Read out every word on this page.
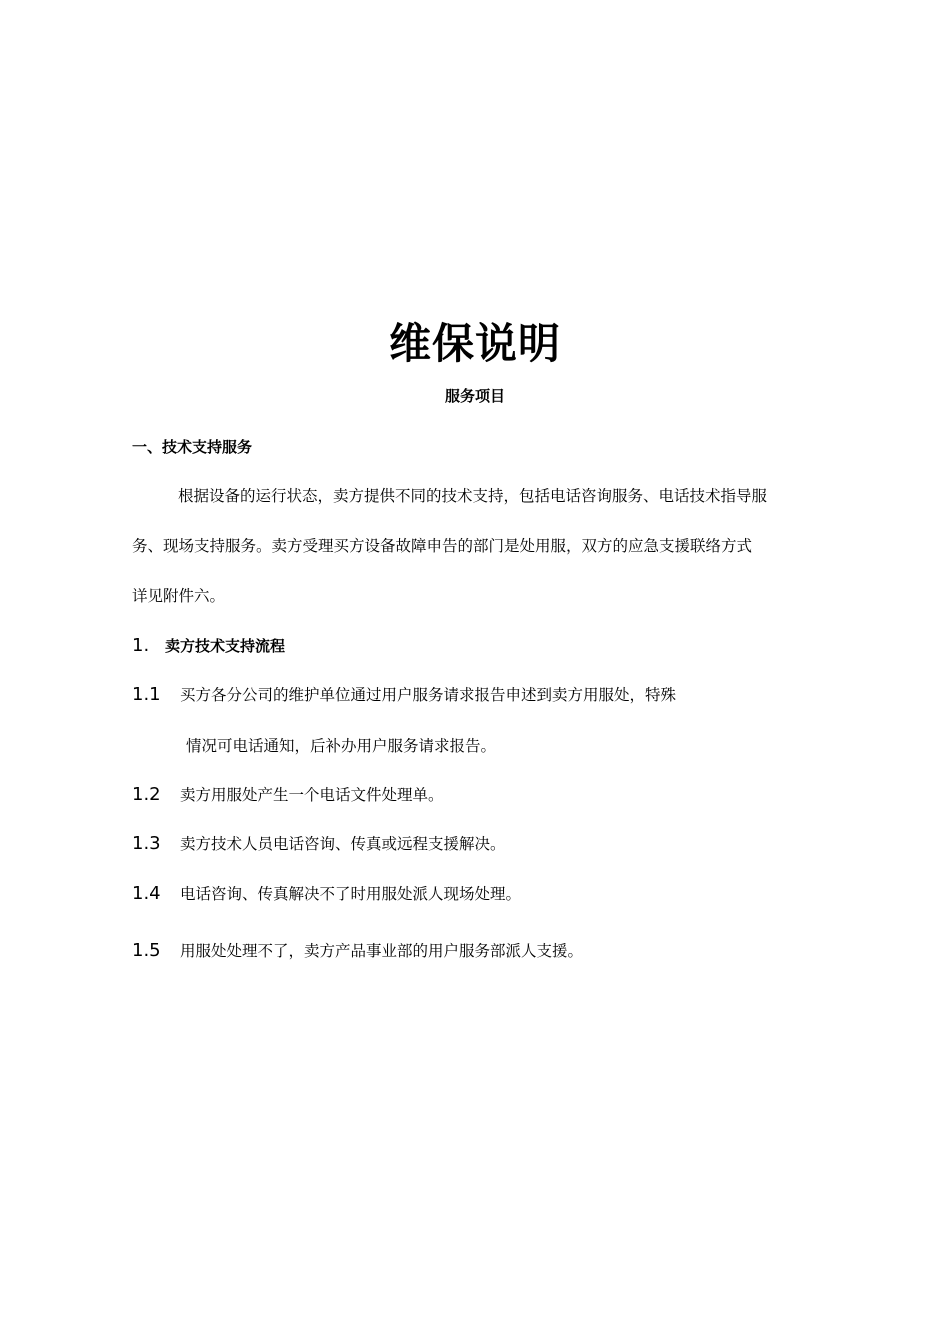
维保说明
服务项目
一、技术支持服务

根据设备的运行状态，卖方提供不同的技术支持，包括电话咨询服务、电话技术指导服
务、现场支持服务。卖方受理买方设备故障申告的部门是处用服，双方的应急支援联络方式
详见附件六。

1. 卖方技术支持流程
1.1 买方各分公司的维护单位通过用户服务请求报告申述到卖方用服处，特殊
情况可电话通知，后补办用户服务请求报告。
1.2 卖方用服处产生一个电话文件处理单。
1.3 卖方技术人员电话咨询、传真或远程支援解决。
1.4 电话咨询、传真解决不了时用服处派人现场处理。
1.5 用服处处理不了，卖方产品事业部的用户服务部派人支援。
